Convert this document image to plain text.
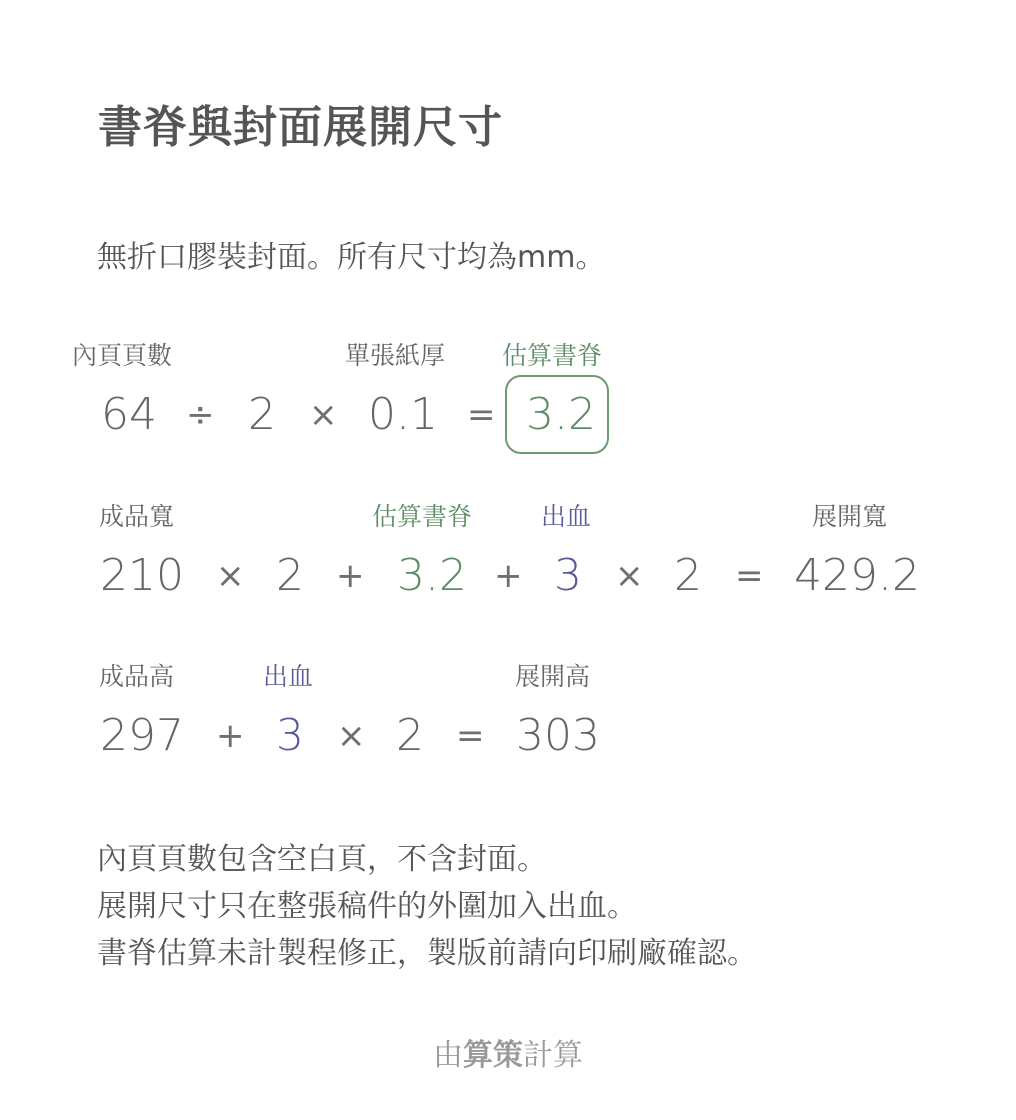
書脊與封面展開尺寸
無折口膠裝封面。所有尺寸均為mm。
內頁頁數	單張紙厚 估算書脊
64 ÷ 2 × 0.1 = 3.2
成品寬	估算書脊	出血	展開寬
210 × 2 + 3.2 + 3 × 2 = 429.2
成品高	出血	展開高
297 + 3 × 2 = 303
內頁頁數包含空白頁，不含封面。
展開尺寸只在整張稿件的外圍加入出血。
書脊估算未計製程修正，製版前請向印刷廠確認。
由算策計算
